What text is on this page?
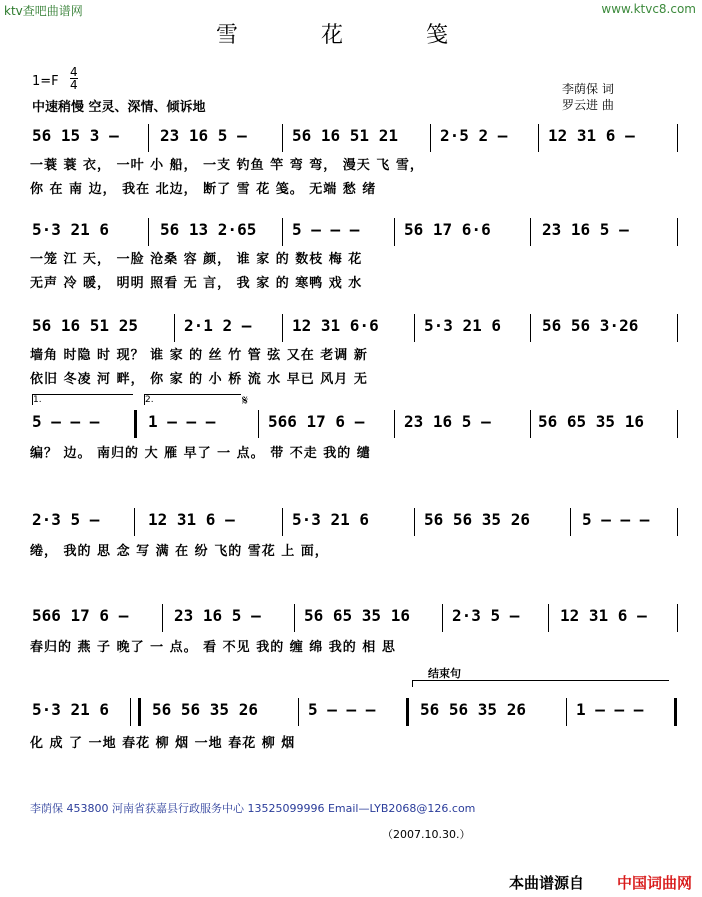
ktv查吧曲谱网	www.ktvc8.com
雪 花 笺
1=F
4
4
中速稍慢 空灵、深情、倾诉地
李荫保 词
罗云进 曲
56 15 3 –	23 16 5 –	56 16 51 21	2·5 2 –	12 31 6 –
一蓑 蓑 衣， 一叶 小 船， 一支 钓鱼 竿 弯 弯， 漫天 飞 雪，
你 在 南 边， 我在 北边， 断了 雪 花 笺。 无端 愁 绪
5·3 21 6	56 13 2·65 5 – – –	56 17 6·6	23 16 5 –
一笼 江 天， 一脸 沧桑 容 颜， 谁 家 的 数枝 梅 花
无声 冷 暖， 明明 照看 无 言， 我 家 的 寒鸭 戏 水
56 16 51 25	2·1 2 –	12 31 6·6	5·3 21 6	56 56 3·26
墙角 时隐 时 现？ 谁 家 的 丝 竹 管 弦 又在 老调 新
依旧 冬凌 河 畔， 你 家 的 小 桥 流 水 早已 风月 无
1.	2.	𝄋
5 – – –	1 – – –	566 17 6 – 23 16 5 –	56 65 35 16
编？ 边。 南归的 大 雁 早了 一 点。 带 不走 我的 缱
2·3 5 –	12 31 6 –	5·3 21 6	56 56 35 26	5 – – –
绻， 我的 思 念 写 满 在 纷 飞的 雪花 上 面，
566 17 6 –	23 16 5 –	56 65 35 16	2·3 5 –	12 31 6 –
春归的 燕 子 晚了 一 点。 看 不见 我的 缠 绵 我的 相 思
结束句
5·3 21 6	56 56 35 26	5 – – –	56 56 35 26	1 – – –
化 成 了 一地 春花 柳 烟 一地 春花 柳 烟
李荫保 453800 河南省获嘉县行政服务中心 13525099996 Email—LYB2068@126.com
（2007.10.30.）
本曲谱源自 中国词曲网
